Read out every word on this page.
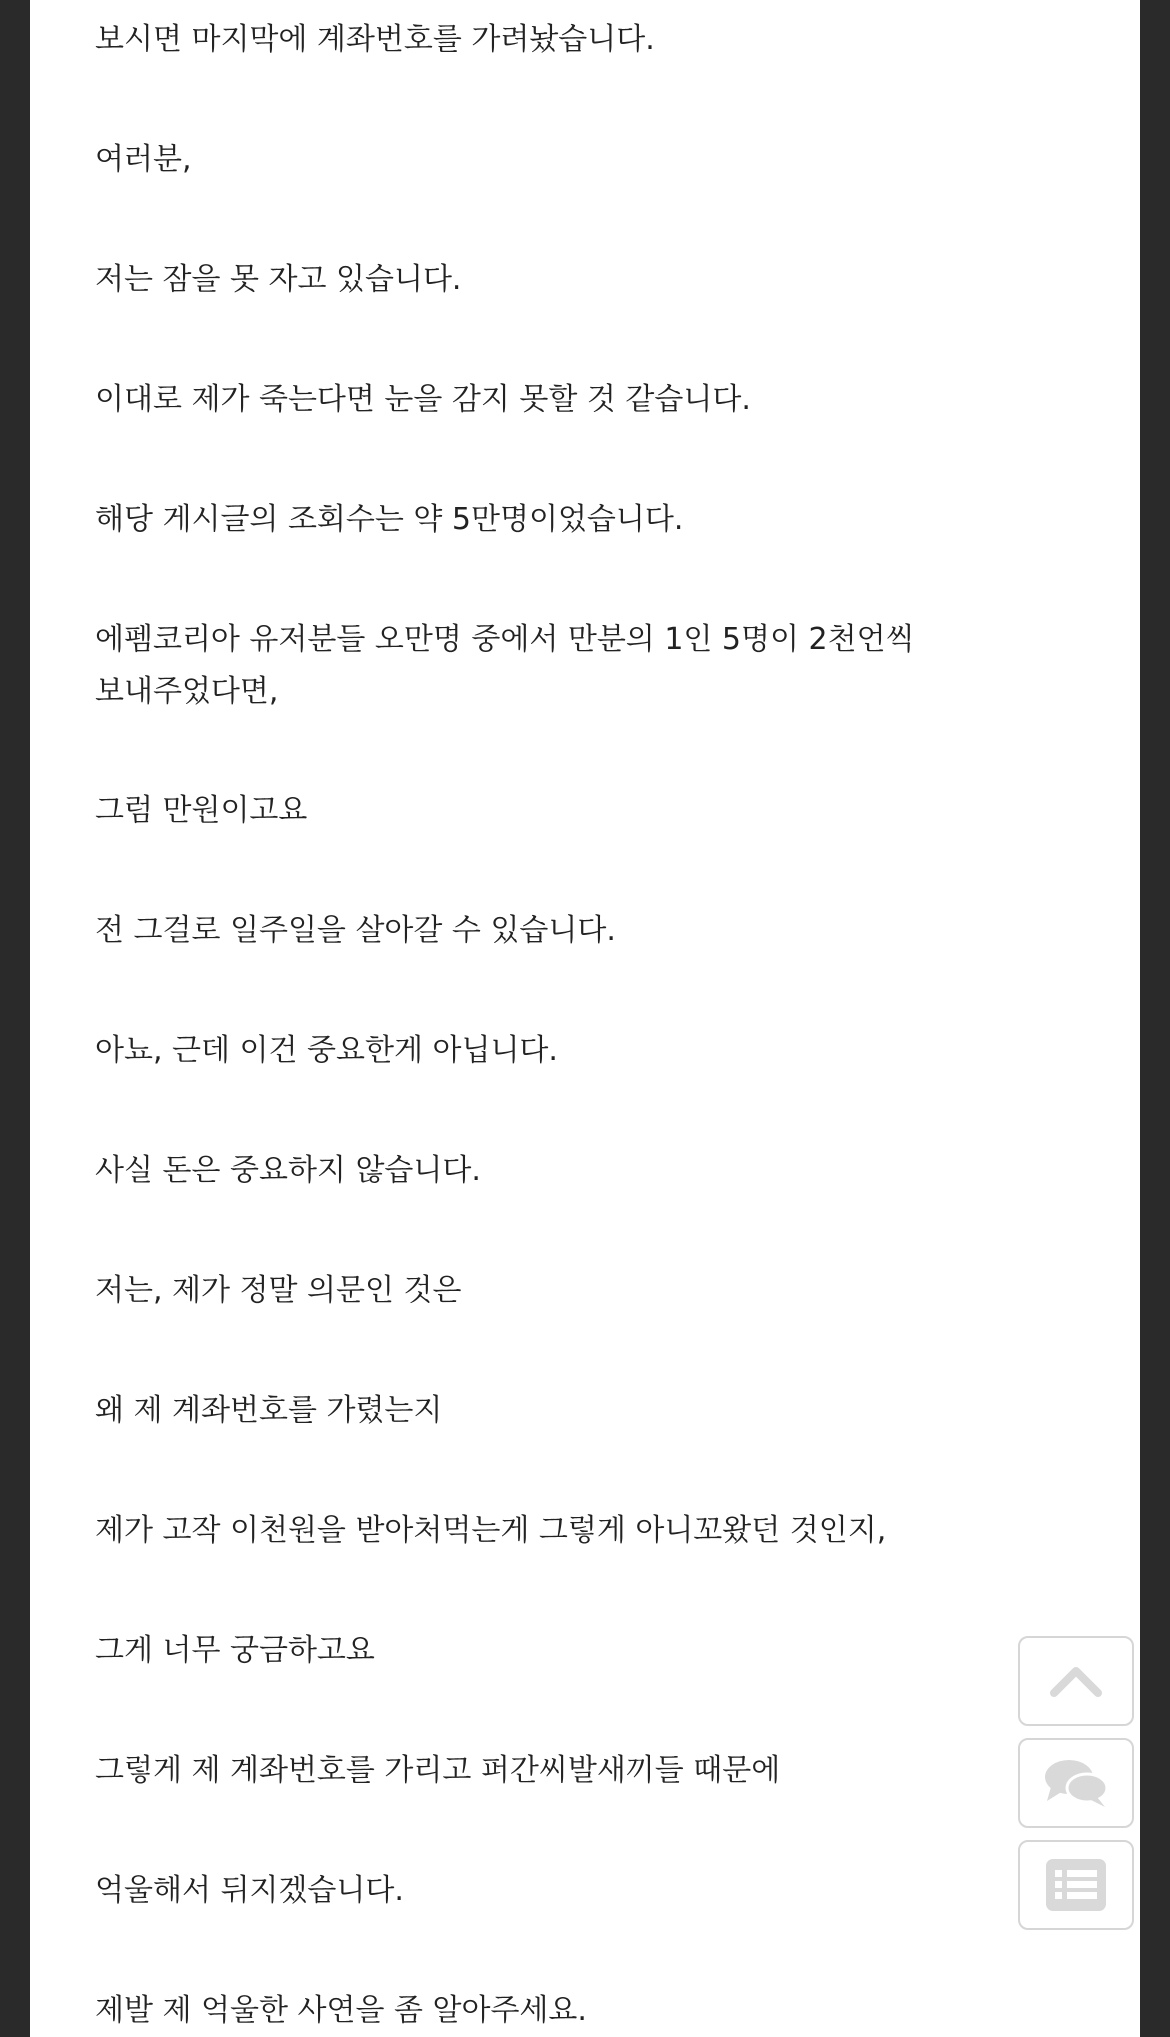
보시면 마지막에 계좌번호를 가려놨습니다.
여러분,
저는 잠을 못 자고 있습니다.
이대로 제가 죽는다면 눈을 감지 못할 것 같습니다.
해당 게시글의 조회수는 약 5만명이었습니다.
에펨코리아 유저분들 오만명 중에서 만분의 1인 5명이 2천언씩 보내주었다면,
그럼 만원이고요
전 그걸로 일주일을 살아갈 수 있습니다.
아뇨, 근데 이건 중요한게 아닙니다.
사실 돈은 중요하지 않습니다.
저는, 제가 정말 의문인 것은
왜 제 계좌번호를 가렸는지
제가 고작 이천원을 받아처먹는게 그렇게 아니꼬왔던 것인지,
그게 너무 궁금하고요
그렇게 제 계좌번호를 가리고 퍼간씨발새끼들 때문에
억울해서 뒤지겠습니다.
제발 제 억울한 사연을 좀 알아주세요.
